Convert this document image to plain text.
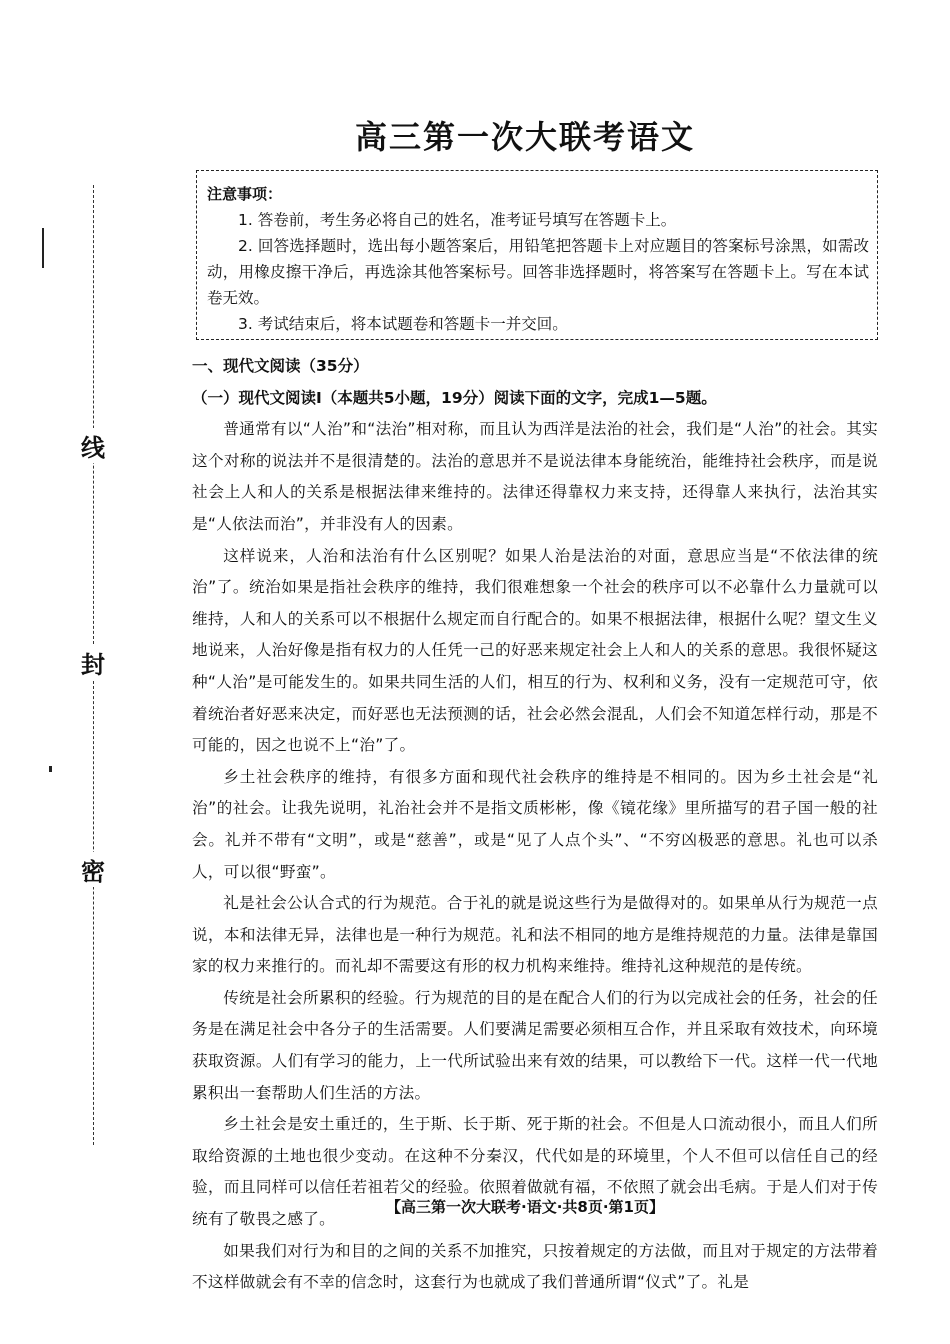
线
封
密
高三第一次大联考语文
注意事项：
1. 答卷前，考生务必将自己的姓名，准考证号填写在答题卡上。
2. 回答选择题时，选出每小题答案后，用铅笔把答题卡上对应题目的答案标号涂黑，如需改动，用橡皮擦干净后，再选涂其他答案标号。回答非选择题时，将答案写在答题卡上。写在本试卷无效。
3. 考试结束后，将本试题卷和答题卡一并交回。
一、现代文阅读（35分）
（一）现代文阅读Ⅰ（本题共5小题，19分）阅读下面的文字，完成1—5题。

普通常有以“人治”和“法治”相对称，而且认为西洋是法治的社会，我们是“人治”的社会。其实这个对称的说法并不是很清楚的。法治的意思并不是说法律本身能统治，能维持社会秩序，而是说社会上人和人的关系是根据法律来维持的。法律还得靠权力来支持，还得靠人来执行，法治其实是“人依法而治”，并非没有人的因素。

这样说来，人治和法治有什么区别呢？如果人治是法治的对面，意思应当是“不依法律的统治”了。统治如果是指社会秩序的维持，我们很难想象一个社会的秩序可以不必靠什么力量就可以维持，人和人的关系可以不根据什么规定而自行配合的。如果不根据法律，根据什么呢？望文生义地说来，人治好像是指有权力的人任凭一己的好恶来规定社会上人和人的关系的意思。我很怀疑这种“人治”是可能发生的。如果共同生活的人们，相互的行为、权利和义务，没有一定规范可守，依着统治者好恶来决定，而好恶也无法预测的话，社会必然会混乱，人们会不知道怎样行动，那是不可能的，因之也说不上“治”了。

乡土社会秩序的维持，有很多方面和现代社会秩序的维持是不相同的。因为乡土社会是“礼治”的社会。让我先说明，礼治社会并不是指文质彬彬，像《镜花缘》里所描写的君子国一般的社会。礼并不带有“文明”，或是“慈善”，或是“见了人点个头”、“不穷凶极恶的意思。礼也可以杀人，可以很“野蛮”。

礼是社会公认合式的行为规范。合于礼的就是说这些行为是做得对的。如果单从行为规范一点说，本和法律无异，法律也是一种行为规范。礼和法不相同的地方是维持规范的力量。法律是靠国家的权力来推行的。而礼却不需要这有形的权力机构来维持。维持礼这种规范的是传统。

传统是社会所累积的经验。行为规范的目的是在配合人们的行为以完成社会的任务，社会的任务是在满足社会中各分子的生活需要。人们要满足需要必须相互合作，并且采取有效技术，向环境获取资源。人们有学习的能力，上一代所试验出来有效的结果，可以教给下一代。这样一代一代地累积出一套帮助人们生活的方法。

乡土社会是安土重迁的，生于斯、长于斯、死于斯的社会。不但是人口流动很小，而且人们所取给资源的土地也很少变动。在这种不分秦汉，代代如是的环境里，个人不但可以信任自己的经验，而且同样可以信任若祖若父的经验。依照着做就有福，不依照了就会出毛病。于是人们对于传统有了敬畏之感了。

如果我们对行为和目的之间的关系不加推究，只按着规定的方法做，而且对于规定的方法带着不这样做就会有不幸的信念时，这套行为也就成了我们普通所谓“仪式”了。礼是

【高三第一次大联考·语文·共8页·第1页】
